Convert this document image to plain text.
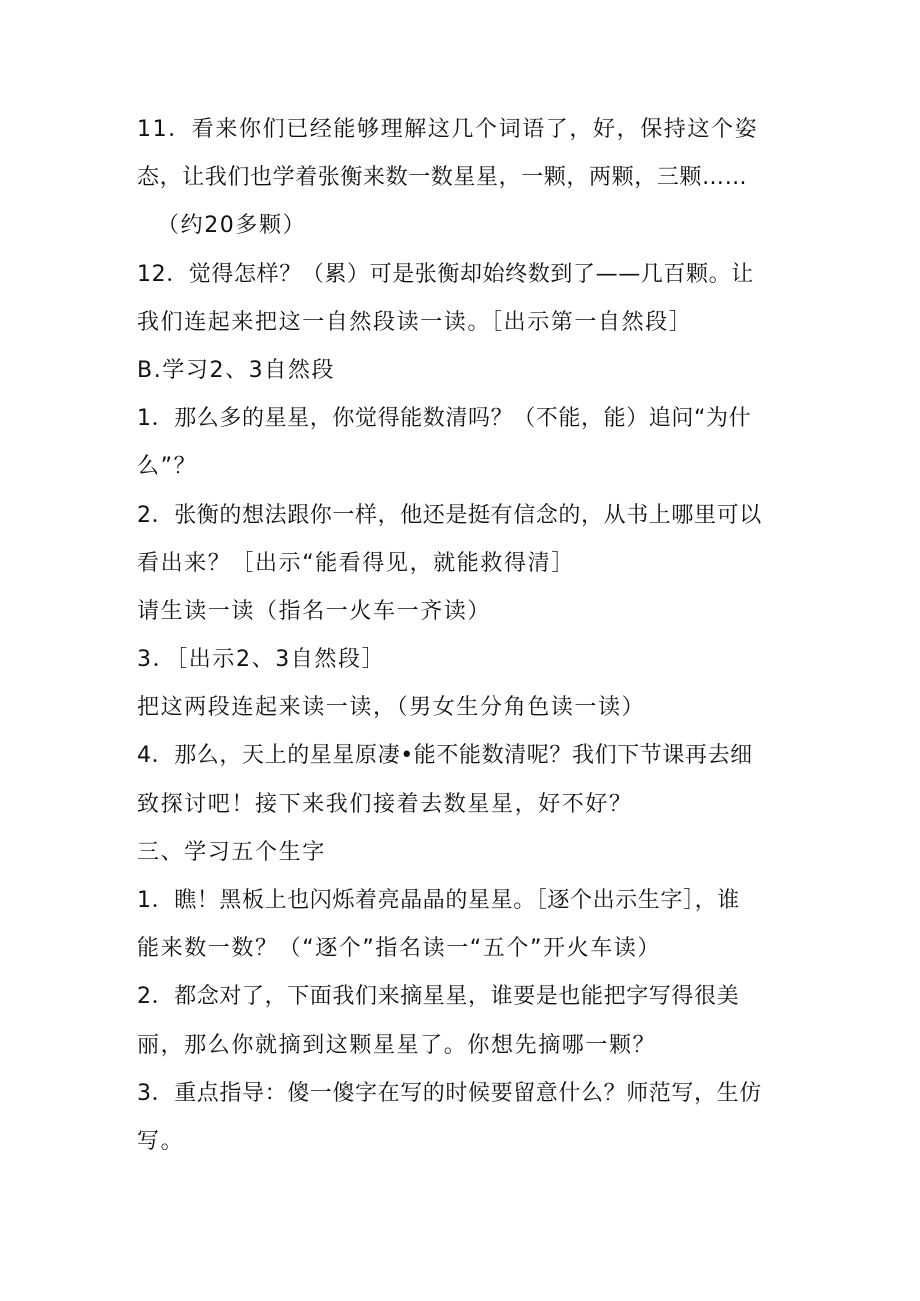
11．看来你们已经能够理解这几个词语了，好，保持这个姿
态，让我们也学着张衡来数一数星星，一颗，两颗，三颗……
（约20多颗）
12．觉得怎样？（累）可是张衡却始终数到了——几百颗。让
我们连起来把这一自然段读一读。［出示第一自然段］
B.学习2、3自然段
1．那么多的星星，你觉得能数清吗？（不能，能）追问“为什
么”？
2．张衡的想法跟你一样，他还是挺有信念的，从书上哪里可以
看出来？［出示“能看得见，就能救得清］
请生读一读（指名一火车一齐读）
3．［出示2、3自然段］
把这两段连起来读一读，（男女生分角色读一读）
4．那么，天上的星星原凄•能不能数清呢？我们下节课再去细
致探讨吧！接下来我们接着去数星星，好不好？
三、学习五个生字
1．瞧！黑板上也闪烁着亮晶晶的星星。［逐个出示生字］，谁
能来数一数？（“逐个”指名读一“五个”开火车读）
2．都念对了，下面我们来摘星星，谁要是也能把字写得很美
丽，那么你就摘到这颗星星了。你想先摘哪一颗？
3．重点指导：傻一傻字在写的时候要留意什么？师范写，生仿
写。
